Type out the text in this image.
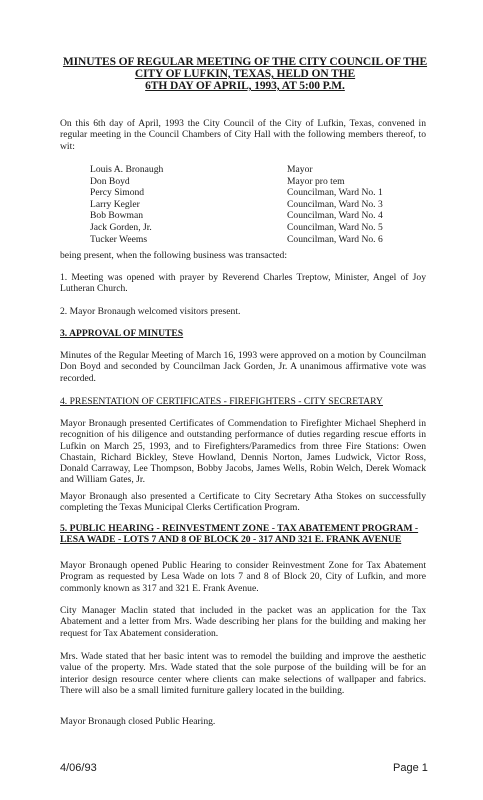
MINUTES OF REGULAR MEETING OF THE CITY COUNCIL OF THE
CITY OF LUFKIN, TEXAS, HELD ON THE
6TH DAY OF APRIL, 1993, AT 5:00 P.M.
On this 6th day of April, 1993 the City Council of the City of Lufkin, Texas, convened in regular meeting in the Council Chambers of City Hall with the following members thereof, to wit:
Louis A. Bronaugh	Mayor
Don Boyd	Mayor pro tem
Percy Simond	Councilman, Ward No. 1
Larry Kegler	Councilman, Ward No. 3
Bob Bowman	Councilman, Ward No. 4
Jack Gorden, Jr.	Councilman, Ward No. 5
Tucker Weems	Councilman, Ward No. 6
being present, when the following business was transacted:
1. Meeting was opened with prayer by Reverend Charles Treptow, Minister, Angel of Joy Lutheran Church.
2. Mayor Bronaugh welcomed visitors present.
3. APPROVAL OF MINUTES
Minutes of the Regular Meeting of March 16, 1993 were approved on a motion by Councilman Don Boyd and seconded by Councilman Jack Gorden, Jr. A unanimous affirmative vote was recorded.
4. PRESENTATION OF CERTIFICATES - FIREFIGHTERS - CITY SECRETARY
Mayor Bronaugh presented Certificates of Commendation to Firefighter Michael Shepherd in recognition of his diligence and outstanding performance of duties regarding rescue efforts in Lufkin on March 25, 1993, and to Firefighters/Paramedics from three Fire Stations: Owen Chastain, Richard Bickley, Steve Howland, Dennis Norton, James Ludwick, Victor Ross, Donald Carraway, Lee Thompson, Bobby Jacobs, James Wells, Robin Welch, Derek Womack and William Gates, Jr.
Mayor Bronaugh also presented a Certificate to City Secretary Atha Stokes on successfully completing the Texas Municipal Clerks Certification Program.
5. PUBLIC HEARING - REINVESTMENT ZONE - TAX ABATEMENT PROGRAM - LESA WADE - LOTS 7 AND 8 OF BLOCK 20 - 317 AND 321 E. FRANK AVENUE
Mayor Bronaugh opened Public Hearing to consider Reinvestment Zone for Tax Abatement Program as requested by Lesa Wade on lots 7 and 8 of Block 20, City of Lufkin, and more commonly known as 317 and 321 E. Frank Avenue.
City Manager Maclin stated that included in the packet was an application for the Tax Abatement and a letter from Mrs. Wade describing her plans for the building and making her request for Tax Abatement consideration.
Mrs. Wade stated that her basic intent was to remodel the building and improve the aesthetic value of the property. Mrs. Wade stated that the sole purpose of the building will be for an interior design resource center where clients can make selections of wallpaper and fabrics. There will also be a small limited furniture gallery located in the building.
Mayor Bronaugh closed Public Hearing.
4/06/93	Page 1
